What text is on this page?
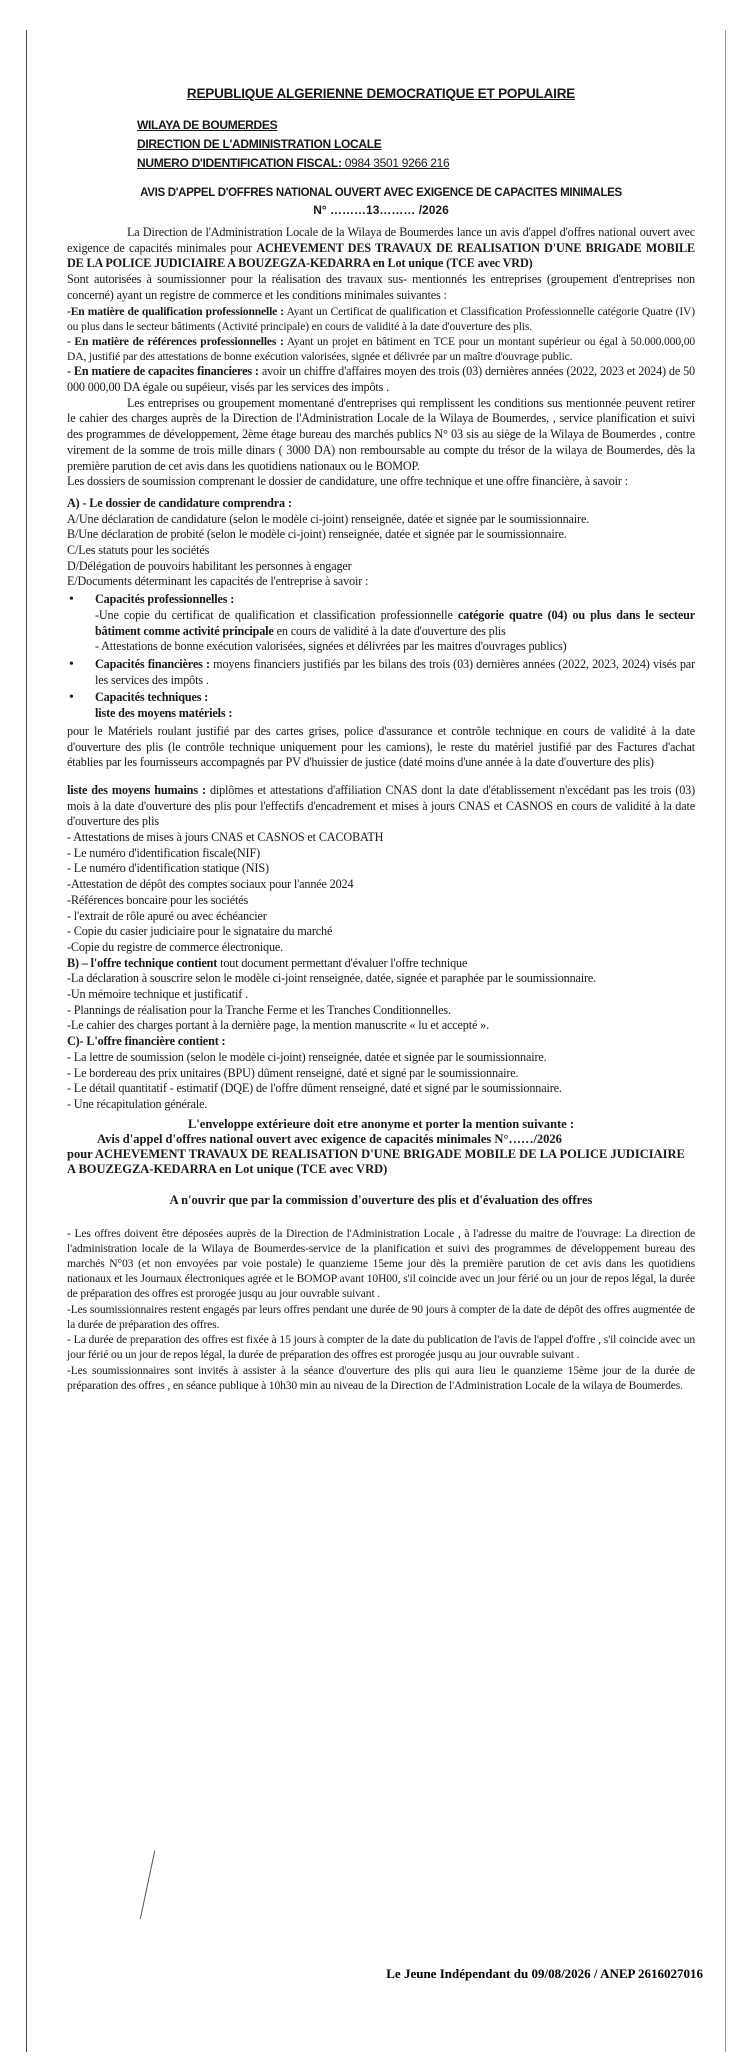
REPUBLIQUE ALGERIENNE DEMOCRATIQUE ET POPULAIRE
WILAYA DE BOUMERDES
DIRECTION DE L'ADMINISTRATION LOCALE
NUMERO D'IDENTIFICATION FISCAL: 0984 3501 9266 216
AVIS D'APPEL D'OFFRES NATIONAL OUVERT AVEC EXIGENCE DE CAPACITES MINIMALES
N° ………13……… /2026

La Direction de l'Administration Locale de la Wilaya de Boumerdes lance un avis d'appel d'offres national ouvert avec exigence de capacités minimales pour ACHEVEMENT DES TRAVAUX DE REALISATION D'UNE BRIGADE MOBILE DE LA POLICE JUDICIAIRE A BOUZEGZA-KEDARRA en Lot unique (TCE avec VRD)

Sont autorisées à soumissionner pour la réalisation des travaux sus- mentionnés les entreprises (groupement d'entreprises non concerné) ayant un registre de commerce et les conditions minimales suivantes :

-En matière de qualification professionnelle : Ayant un Certificat de qualification et Classification Professionnelle catégorie Quatre (IV) ou plus dans le secteur bâtiments (Activité principale) en cours de validité à la date d'ouverture des plis.

- En matière de références professionnelles : Ayant un projet en bâtiment en TCE pour un montant supérieur ou égal à 50.000.000,00 DA, justifié par des attestations de bonne exécution valorisées, signée et délivrée par un maître d'ouvrage public.

- En matiere de capacites financieres : avoir un chiffre d'affaires moyen des trois (03) dernières années (2022, 2023 et 2024) de 50 000 000,00 DA égale ou supéieur, visés par les services des impôts .

Les entreprises ou groupement momentané d'entreprises qui remplissent les conditions sus mentionnée peuvent retirer le cahier des charges auprès de la Direction de l'Administration Locale de la Wilaya de Boumerdes, , service planification et suivi des programmes de développement, 2ème étage bureau des marchés publics N° 03 sis au siège de la Wilaya de Boumerdes , contre virement de la somme de trois mille dinars ( 3000 DA) non remboursable au compte du trésor de la wilaya de Boumerdes, dès la première parution de cet avis dans les quotidiens nationaux ou le BOMOP.

Les dossiers de soumission comprenant le dossier de candidature, une offre technique et une offre financière, à savoir :

A) - Le dossier de candidature comprendra :

A/Une déclaration de candidature (selon le modèle ci-joint) renseignée, datée et signée par le soumissionnaire.

B/Une déclaration de probité (selon le modèle ci-joint) renseignée, datée et signée par le soumissionnaire.

C/Les statuts pour les sociétés

D/Délégation de pouvoirs habilitant les personnes à engager

E/Documents déterminant les capacités de l'entreprise à savoir :

• Capacités professionnelles :
-Une copie du certificat de qualification et classification professionnelle catégorie quatre (04) ou plus dans le secteur bâtiment comme activité principale en cours de validité à la date d'ouverture des plis
- Attestations de bonne exécution valorisées, signées et délivrées par les maitres d'ouvrages publics)
• Capacités financières : moyens financiers justifiés par les bilans des trois (03) dernières années (2022, 2023, 2024) visés par les services des impôts .
• Capacités techniques :
liste des moyens matériels :

pour le Matériels roulant justifié par des cartes grises, police d'assurance et contrôle technique en cours de validité à la date d'ouverture des plis (le contrôle technique uniquement pour les camions), le reste du matériel justifié par des Factures d'achat établies par les fournisseurs accompagnés par PV d'huissier de justice (daté moins d'une année à la date d'ouverture des plis)

liste des moyens humains : diplômes et attestations d'affiliation CNAS dont la date d'établissement n'excédant pas les trois (03) mois à la date d'ouverture des plis pour l'effectifs d'encadrement et mises à jours CNAS et CASNOS en cours de validité à la date d'ouverture des plis

- Attestations de mises à jours CNAS et CASNOS et CACOBATH

- Le numéro d'identification fiscale(NIF)

- Le numéro d'identification statique (NIS)

-Attestation de dépôt des comptes sociaux pour l'année 2024

-Références boncaire pour les sociétés

- l'extrait de rôle apuré ou avec échéancier

- Copie du casier judiciaire pour le signataire du marché

-Copie du registre de commerce électronique.

B) – l'offre technique contient tout document permettant d'évaluer l'offre technique

-La déclaration à souscrire selon le modèle ci-joint renseignée, datée, signée et paraphée par le soumissionnaire.

-Un mémoire technique et justificatif .

- Plannings de réalisation pour la Tranche Ferme et les Tranches Conditionnelles.

-Le cahier des charges portant à la dernière page, la mention manuscrite « lu et accepté ».

C)- L'offre financière contient :

- La lettre de soumission (selon le modèle ci-joint) renseignée, datée et signée par le soumissionnaire.

- Le bordereau des prix unitaires (BPU) dûment renseigné, daté et signé par le soumissionnaire.

- Le détail quantitatif - estimatif (DQE) de l'offre dûment renseigné, daté et signé par le soumissionnaire.

- Une récapitulation générale.

L'enveloppe extérieure doit etre anonyme et porter la mention suivante :
Avis d'appel d'offres national ouvert avec exigence de capacités minimales N°……/2026
pour ACHEVEMENT TRAVAUX DE REALISATION D'UNE BRIGADE MOBILE DE LA POLICE JUDICIAIRE A BOUZEGZA-KEDARRA en Lot unique (TCE avec VRD)
A n'ouvrir que par la commission d'ouverture des plis et d'évaluation des offres

- Les offres doivent être déposées auprès de la Direction de l'Administration Locale , à l'adresse du maitre de l'ouvrage: La direction de l'administration locale de la Wilaya de Boumerdes-service de la planification et suivi des programmes de développement bureau des marchés N°03 (et non envoyées par voie postale) le quanzieme 15eme jour dès la première parution de cet avis dans les quotidiens nationaux et les Journaux électroniques agrée et le BOMOP avant 10H00, s'il coincide avec un jour férié ou un jour de repos légal, la durée de préparation des offres est prorogée jusqu au jour ouvrable suivant .

-Les soumissionnaires restent engagés par leurs offres pendant une durée de 90 jours à compter de la date de dépôt des offres augmentée de la durée de préparation des offres.

- La durée de preparation des offres est fixée à 15 jours à compter de la date du publication de l'avis de l'appel d'offre , s'il coincide avec un jour férié ou un jour de repos légal, la durée de préparation des offres est prorogée jusqu au jour ouvrable suivant .

-Les soumissionnaires sont invités à assister à la séance d'ouverture des plis qui aura lieu le quanzieme 15ème jour de la durée de préparation des offres , en séance publique à 10h30 min au niveau de la Direction de l'Administration Locale de la wilaya de Boumerdes.

Le Jeune Indépendant du 09/08/2026 / ANEP 2616027016
